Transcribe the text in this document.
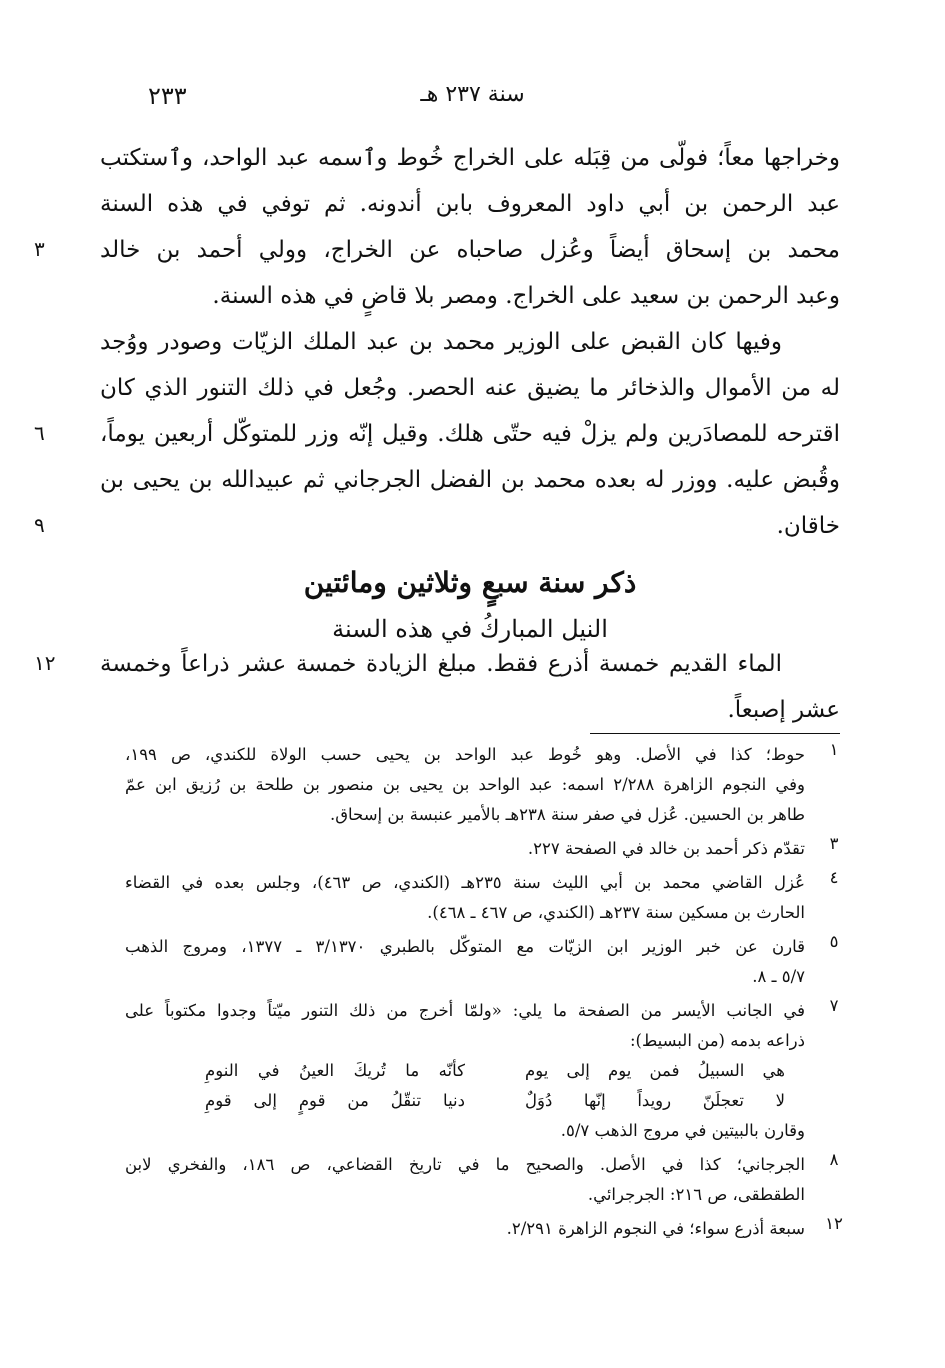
٢٣٣	سنة ٢٣٧ هـ
وخراجها معاً؛ فولّى من قِبَله على الخراج خُوط وٱسمه عبد الواحد، وٱستكتب
عبد الرحمن بن أبي داود المعروف بابن أندونه. ثم توفي في هذه السنة
محمد بن إسحاق أيضاً وعُزل صاحباه عن الخراج، وولي أحمد بن خالد
٣
وعبد الرحمن بن سعيد على الخراج. ومصر بلا قاضٍ في هذه السنة.
وفيها كان القبض على الوزير محمد بن عبد الملك الزيّات وصودر ووُجد
له من الأموال والذخائر ما يضيق عنه الحصر. وجُعل في ذلك التنور الذي كان
اقترحه للمصادَرين ولم يزلْ فيه حتّى هلك. وقيل إنّه وزر للمتوكّل أربعين يوماً،
٦
وقُبض عليه. ووزر له بعده محمد بن الفضل الجرجاني ثم عبيدالله بن يحيى بن
خاقان.
٩
ذكر سنة سبعٍ وثلاثين ومائتين
النيل المباركُ في هذه السنة
الماء القديم خمسة أذرع فقط. مبلغ الزيادة خمسة عشر ذراعاً وخمسة
١٢
عشر إصبعاً.
١
حوط؛ كذا في الأصل. وهو خُوط عبد الواحد بن يحيى حسب الولاة للكندي، ص ١٩٩،
وفي النجوم الزاهرة ٢/٢٨٨ اسمه: عبد الواحد بن يحيى بن منصور بن طلحة بن رُزيق ابن عمّ
طاهر بن الحسين. عُزل في صفر سنة ٢٣٨هـ بالأمير عنبسة بن إسحاق.
٣
تقدّم ذكر أحمد بن خالد في الصفحة ٢٢٧.
٤
عُزل القاضي محمد بن أبي الليث سنة ٢٣٥هـ (الكندي، ص ٤٦٣)، وجلس بعده في القضاء
الحارث بن مسكين سنة ٢٣٧هـ (الكندي، ص ٤٦٧ ـ ٤٦٨).
٥
قارن عن خبر الوزير ابن الزيّات مع المتوكّل بالطبري ٣/١٣٧٠ ـ ١٣٧٧، ومروج الذهب
٥/٧ ـ ٨.
٧
في الجانب الأيسر من الصفحة ما يلي: «ولمّا أخرج من ذلك التنور ميّتاً وجدوا مكتوباً على
ذراعه بدمه (من البسيط):
هي السبيلُ فمن يوم إلى يوم
كأنّه ما تُريكَ العينُ في النومِ
لا تعجلَنّ رويداً إنّها دُوَلٌ
دنيا تنقّلُ من قومٍ إلى قومِ
وقارن بالبيتين في مروج الذهب ٥/٧.
٨
الجرجاني؛ كذا في الأصل. والصحيح ما في تاريخ القضاعي، ص ١٨٦، والفخري لابن
الطقطقى، ص ٢١٦: الجرجرائي.
١٢
سبعة أذرع سواء؛ في النجوم الزاهرة ٢/٢٩١.
